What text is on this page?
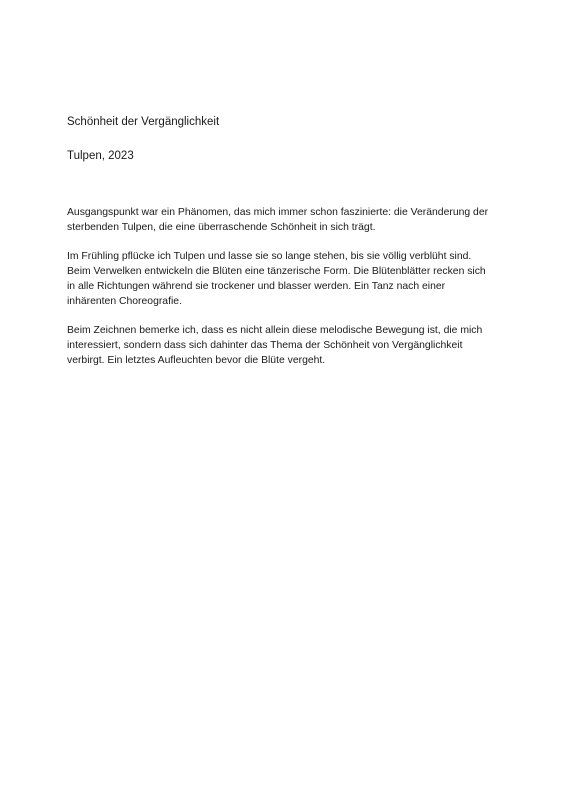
Schönheit der Vergänglichkeit

Tulpen, 2023

Ausgangspunkt war ein Phänomen, das mich immer schon faszinierte: die Veränderung der
sterbenden Tulpen, die eine überraschende Schönheit in sich trägt.

Im Frühling pflücke ich Tulpen und lasse sie so lange stehen, bis sie völlig verblüht sind.
Beim Verwelken entwickeln die Blüten eine tänzerische Form. Die Blütenblätter recken sich
in alle Richtungen während sie trockener und blasser werden. Ein Tanz nach einer
inhärenten Choreografie.

Beim Zeichnen bemerke ich, dass es nicht allein diese melodische Bewegung ist, die mich
interessiert, sondern dass sich dahinter das Thema der Schönheit von Vergänglichkeit
verbirgt. Ein letztes Aufleuchten bevor die Blüte vergeht.
